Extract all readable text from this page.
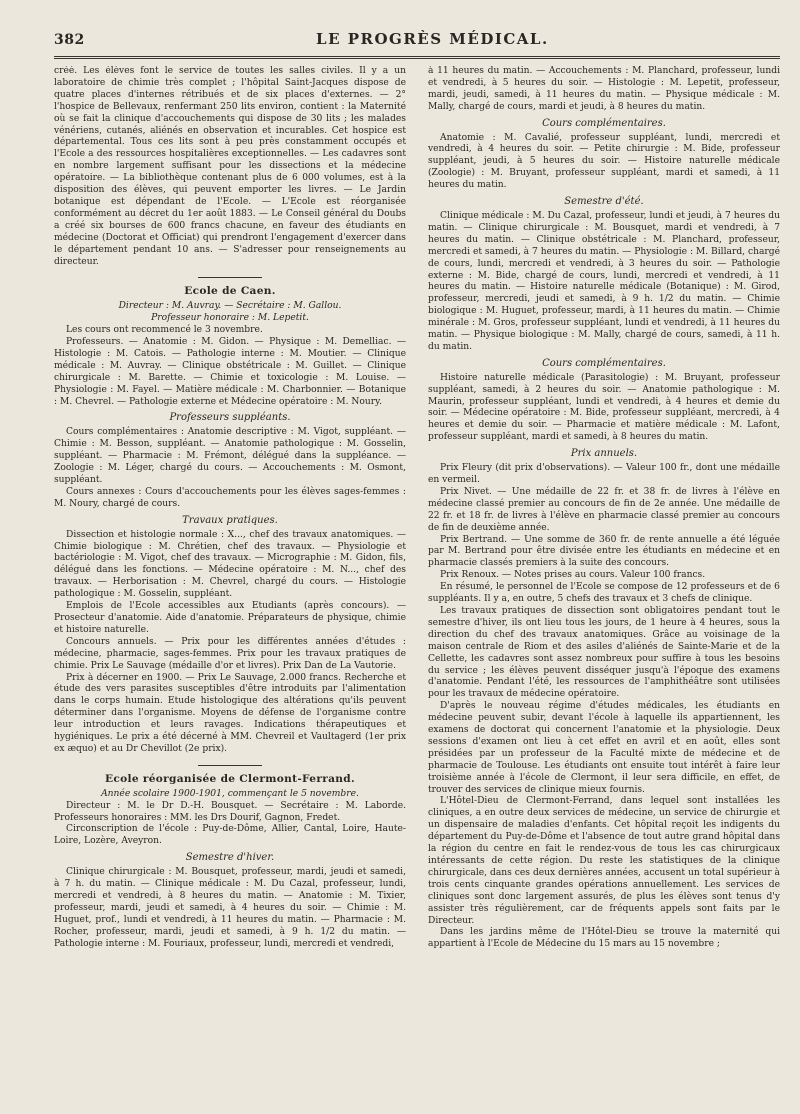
382	LE PROGRÈS MÉDICAL.

créé. Les élèves font le service de toutes les salles civiles. Il y a un laboratoire de chimie très complet ; l'hôpital Saint-Jacques dispose de quatre places d'internes rétribués et de six places d'externes. — 2° l'hospice de Bellevaux, renfermant 250 lits environ, contient : la Maternité où se fait la clinique d'accouchements qui dispose de 30 lits ; les malades vénériens, cutanés, aliénés en observation et incurables. Cet hospice est départemental. Tous ces lits sont à peu près constamment occupés et l'Ecole a des ressources hospitalières exceptionnelles. — Les cadavres sont en nombre largement suffisant pour les dissections et la médecine opératoire. — La bibliothèque contenant plus de 6 000 volumes, est à la disposition des élèves, qui peuvent emporter les livres. — Le Jardin botanique est dépendant de l'Ecole. — L'Ecole est réorganisée conformément au décret du 1er août 1883. — Le Conseil général du Doubs a créé six bourses de 600 francs chacune, en faveur des étudiants en médecine (Doctorat et Officiat) qui prendront l'engagement d'exercer dans le département pendant 10 ans. — S'adresser pour renseignements au directeur.

Ecole de Caen.

Directeur : M. Auvray. — Secrétaire : M. Gallou.

Professeur honoraire : M. Lepetit.

Les cours ont recommencé le 3 novembre.

Professeurs. — Anatomie : M. Gidon. — Physique : M. Demelliac. — Histologie : M. Catois. — Pathologie interne : M. Moutier. — Clinique médicale : M. Auvray. — Clinique obstétricale : M. Guillet. — Clinique chirurgicale : M. Barette. — Chimie et toxicologie : M. Louise. — Physiologie : M. Fayel. — Matière médicale : M. Charbonnier. — Botanique : M. Chevrel. — Pathologie externe et Médecine opératoire : M. Noury.

Professeurs suppléants.

Cours complémentaires : Anatomie descriptive : M. Vigot, suppléant. — Chimie : M. Besson, suppléant. — Anatomie pathologique : M. Gosselin, suppléant. — Pharmacie : M. Frémont, délégué dans la suppléance. — Zoologie : M. Léger, chargé du cours. — Accouchements : M. Osmont, suppléant.

Cours annexes : Cours d'accouchements pour les élèves sages-femmes : M. Noury, chargé de cours.

Travaux pratiques.

Dissection et histologie normale : X..., chef des travaux anatomiques. — Chimie biologique : M. Chrétien, chef des travaux. — Physiologie et bactériologie : M. Vigot, chef des travaux. — Micrographie : M. Gidon, fils, délégué dans les fonctions. — Médecine opératoire : M. N..., chef des travaux. — Herborisation : M. Chevrel, chargé du cours. — Histologie pathologique : M. Gosselin, suppléant.

Emplois de l'Ecole accessibles aux Etudiants (après concours). — Prosecteur d'anatomie. Aide d'anatomie. Préparateurs de physique, chimie et histoire naturelle.

Concours annuels. — Prix pour les différentes années d'études : médecine, pharmacie, sages-femmes. Prix pour les travaux pratiques de chimie. Prix Le Sauvage (médaille d'or et livres). Prix Dan de La Vautorie.

Prix à décerner en 1900. — Prix Le Sauvage, 2.000 francs. Recherche et étude des vers parasites susceptibles d'être introduits par l'alimentation dans le corps humain. Etude histologique des altérations qu'ils peuvent déterminer dans l'organisme. Moyens de défense de l'organisme contre leur introduction et leurs ravages. Indications thérapeutiques et hygiéniques. Le prix a été décerné à MM. Chevreil et Vaultagerd (1er prix ex æquo) et au Dr Chevillot (2e prix).

Ecole réorganisée de Clermont-Ferrand.

Année scolaire 1900-1901, commençant le 5 novembre.

Directeur : M. le Dr D.-H. Bousquet. — Secrétaire : M. Laborde. Professeurs honoraires : MM. les Drs Dourif, Gagnon, Fredet.

Circonscription de l'école : Puy-de-Dôme, Allier, Cantal, Loire, Haute-Loire, Lozère, Aveyron.

Semestre d'hiver.

Clinique chirurgicale : M. Bousquet, professeur, mardi, jeudi et samedi, à 7 h. du matin. — Clinique médicale : M. Du Cazal, professeur, lundi, mercredi et vendredi, à 8 heures du matin. — Anatomie : M. Tixier, professeur, mardi, jeudi et samedi, à 4 heures du soir. — Chimie : M. Huguet, prof., lundi et vendredi, à 11 heures du matin. — Pharmacie : M. Rocher, professeur, mardi, jeudi et samedi, à 9 h. 1/2 du matin. — Pathologie interne : M. Fouriaux, professeur, lundi, mercredi et vendredi,

à 11 heures du matin. — Accouchements : M. Planchard, professeur, lundi et vendredi, à 5 heures du soir. — Histologie : M. Lepetit, professeur, mardi, jeudi, samedi, à 11 heures du matin. — Physique médicale : M. Mally, chargé de cours, mardi et jeudi, à 8 heures du matin.

Cours complémentaires.

Anatomie : M. Cavalié, professeur suppléant, lundi, mercredi et vendredi, à 4 heures du soir. — Petite chirurgie : M. Bide, professeur suppléant, jeudi, à 5 heures du soir. — Histoire naturelle médicale (Zoologie) : M. Bruyant, professeur suppléant, mardi et samedi, à 11 heures du matin.

Semestre d'été.

Clinique médicale : M. Du Cazal, professeur, lundi et jeudi, à 7 heures du matin. — Clinique chirurgicale : M. Bousquet, mardi et vendredi, à 7 heures du matin. — Clinique obstétricale : M. Planchard, professeur, mercredi et samedi, à 7 heures du matin. — Physiologie : M. Billard, chargé de cours, lundi, mercredi et vendredi, à 3 heures du soir. — Pathologie externe : M. Bide, chargé de cours, lundi, mercredi et vendredi, à 11 heures du matin. — Histoire naturelle médicale (Botanique) : M. Girod, professeur, mercredi, jeudi et samedi, à 9 h. 1/2 du matin. — Chimie biologique : M. Huguet, professeur, mardi, à 11 heures du matin. — Chimie minérale : M. Gros, professeur suppléant, lundi et vendredi, à 11 heures du matin. — Physique biologique : M. Mally, chargé de cours, samedi, à 11 h. du matin.

Cours complémentaires.

Histoire naturelle médicale (Parasitologie) : M. Bruyant, professeur suppléant, samedi, à 2 heures du soir. — Anatomie pathologique : M. Maurin, professeur suppléant, lundi et vendredi, à 4 heures et demie du soir. — Médecine opératoire : M. Bide, professeur suppléant, mercredi, à 4 heures et demie du soir. — Pharmacie et matière médicale : M. Lafont, professeur suppléant, mardi et samedi, à 8 heures du matin.

Prix annuels.

Prix Fleury (dit prix d'observations). — Valeur 100 fr., dont une médaille en vermeil.

Prix Nivet. — Une médaille de 22 fr. et 38 fr. de livres à l'élève en médecine classé premier au concours de fin de 2e année. Une médaille de 22 fr. et 18 fr. de livres à l'élève en pharmacie classé premier au concours de fin de deuxième année.

Prix Bertrand. — Une somme de 360 fr. de rente annuelle a été léguée par M. Bertrand pour être divisée entre les étudiants en médecine et en pharmacie classés premiers à la suite des concours.

Prix Renoux. — Notes prises au cours. Valeur 100 francs.

En résumé, le personnel de l'Ecole se compose de 12 professeurs et de 6 suppléants. Il y a, en outre, 5 chefs des travaux et 3 chefs de clinique.

Les travaux pratiques de dissection sont obligatoires pendant tout le semestre d'hiver, ils ont lieu tous les jours, de 1 heure à 4 heures, sous la direction du chef des travaux anatomiques. Grâce au voisinage de la maison centrale de Riom et des asiles d'aliénés de Sainte-Marie et de la Cellette, les cadavres sont assez nombreux pour suffire à tous les besoins du service ; les élèves peuvent disséquer jusqu'à l'époque des examens d'anatomie. Pendant l'été, les ressources de l'amphithéâtre sont utilisées pour les travaux de médecine opératoire.

D'après le nouveau régime d'études médicales, les étudiants en médecine peuvent subir, devant l'école à laquelle ils appartiennent, les examens de doctorat qui concernent l'anatomie et la physiologie. Deux sessions d'examen ont lieu à cet effet en avril et en août, elles sont présidées par un professeur de la Faculté mixte de médecine et de pharmacie de Toulouse. Les étudiants ont ensuite tout intérêt à faire leur troisième année à l'école de Clermont, il leur sera difficile, en effet, de trouver des services de clinique mieux fournis.

L'Hôtel-Dieu de Clermont-Ferrand, dans lequel sont installées les cliniques, a en outre deux services de médecine, un service de chirurgie et un dispensaire de maladies d'enfants. Cet hôpital reçoit les indigents du département du Puy-de-Dôme et l'absence de tout autre grand hôpital dans la région du centre en fait le rendez-vous de tous les cas chirurgicaux intéressants de cette région. Du reste les statistiques de la clinique chirurgicale, dans ces deux dernières années, accusent un total supérieur à trois cents cinquante grandes opérations annuellement. Les services de cliniques sont donc largement assurés, de plus les élèves sont tenus d'y assister très régulièrement, car de fréquents appels sont faits par le Directeur.

Dans les jardins même de l'Hôtel-Dieu se trouve la maternité qui appartient à l'Ecole de Médecine du 15 mars au 15 novembre ;
